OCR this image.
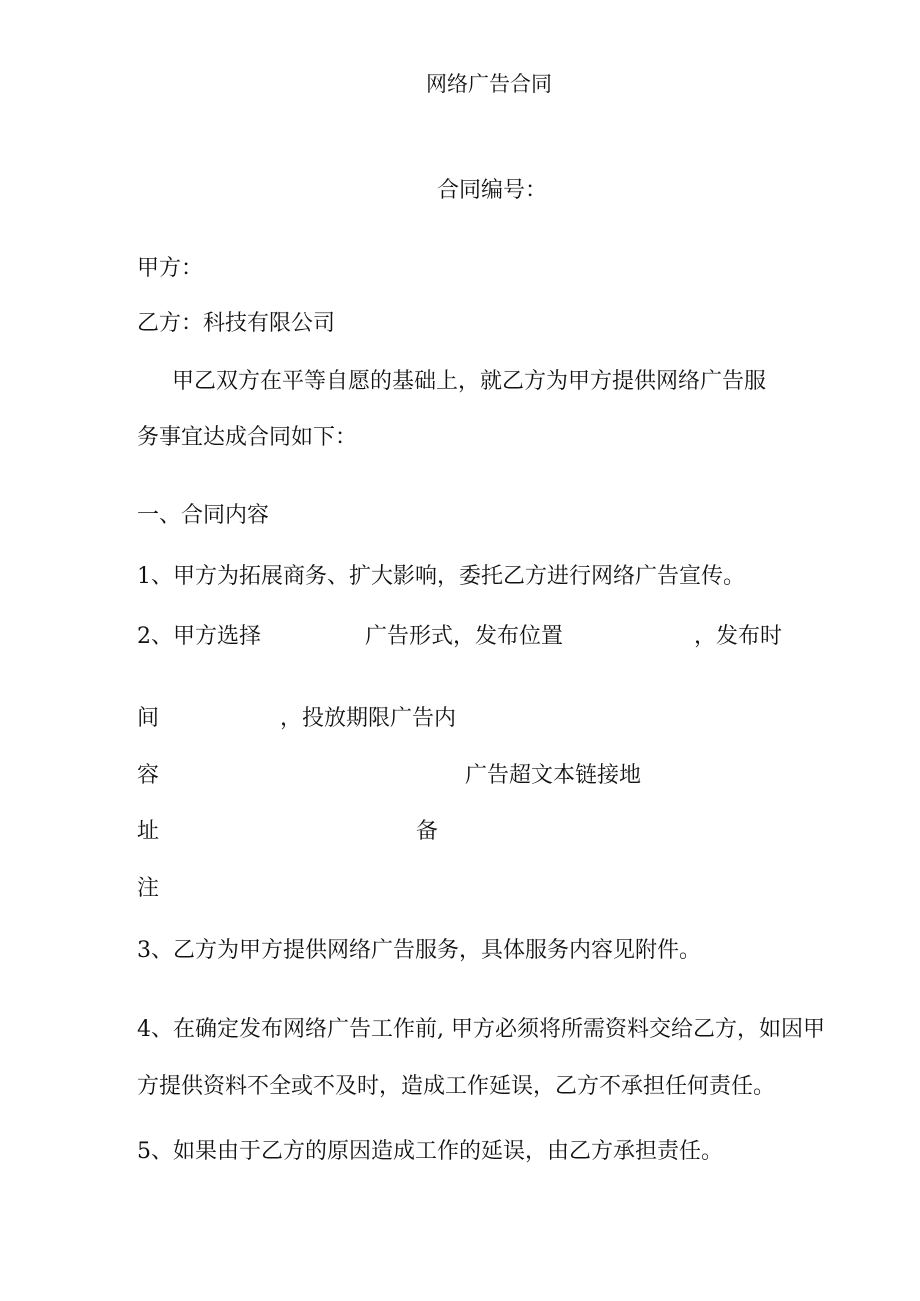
网络广告合同
合同编号：
甲方：
乙方：科技有限公司
甲乙双方在平等自愿的基础上，就乙方为甲方提供网络广告服
务事宜达成合同如下：
一、合同内容
1、甲方为拓展商务、扩大影响，委托乙方进行网络广告宣传。
2、甲方选择	广告形式，发布位置	，发布时
间	，投放期限广告内
容	广告超文本链接地
址	备
注
3、乙方为甲方提供网络广告服务，具体服务内容见附件。
4、在确定发布网络广告工作前, 甲方必须将所需资料交给乙方，如因甲
方提供资料不全或不及时，造成工作延误，乙方不承担任何责任。
5、如果由于乙方的原因造成工作的延误，由乙方承担责任。
